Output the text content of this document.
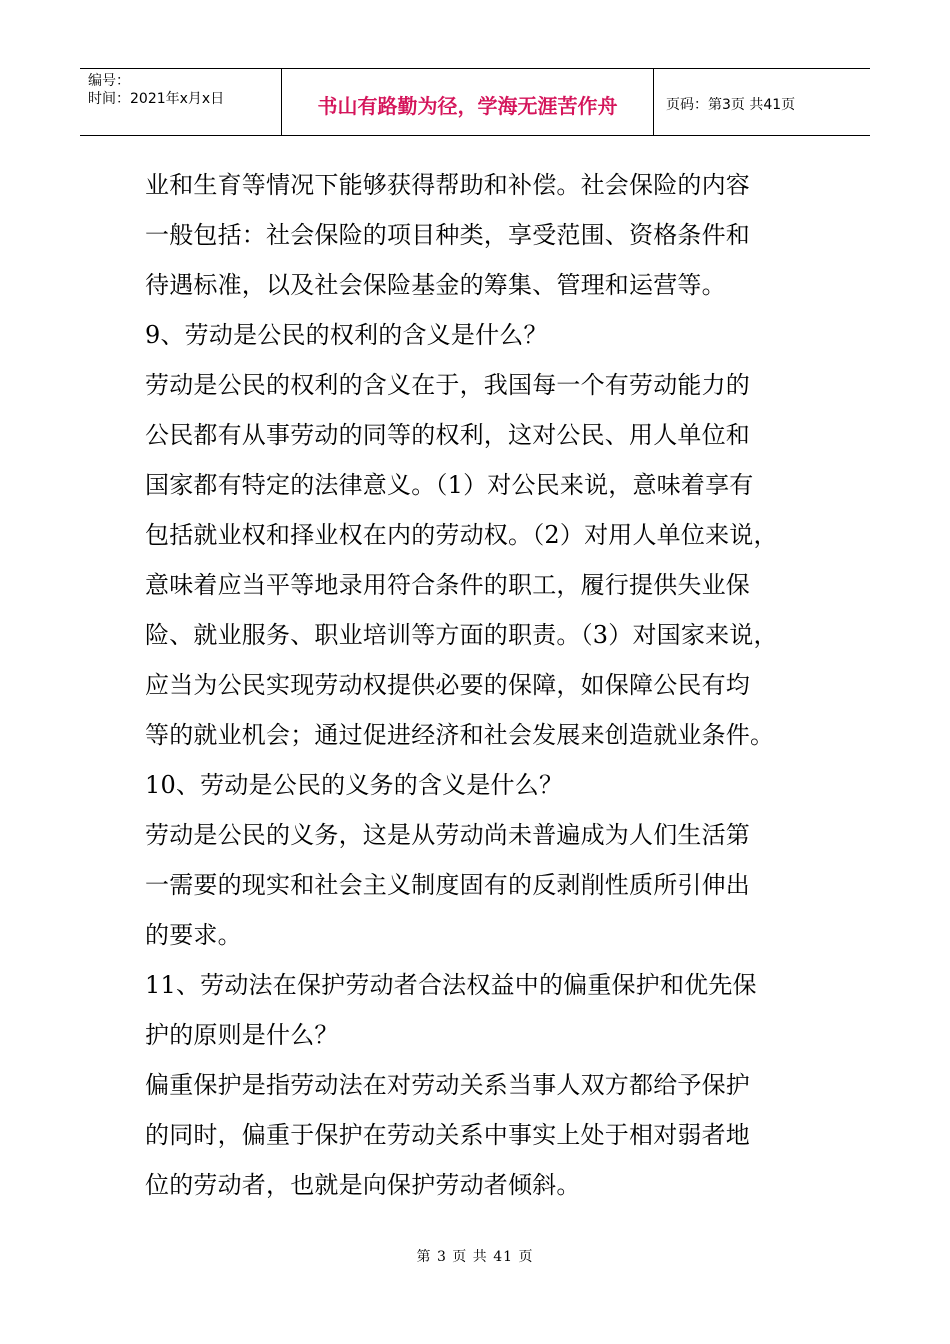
编号：
时间：2021年x月x日	书山有路勤为径，学海无涯苦作舟	页码：第3页 共41页

业和生育等情况下能够获得帮助和补偿。社会保险的内容

一般包括：社会保险的项目种类，享受范围、资格条件和

待遇标准，以及社会保险基金的筹集、管理和运营等。

9、劳动是公民的权利的含义是什么？

劳动是公民的权利的含义在于，我国每一个有劳动能力的

公民都有从事劳动的同等的权利，这对公民、用人单位和

国家都有特定的法律意义。（1）对公民来说，意味着享有

包括就业权和择业权在内的劳动权。（2）对用人单位来说，

意味着应当平等地录用符合条件的职工，履行提供失业保

险、就业服务、职业培训等方面的职责。（3）对国家来说，

应当为公民实现劳动权提供必要的保障，如保障公民有均

等的就业机会；通过促进经济和社会发展来创造就业条件。

10、劳动是公民的义务的含义是什么？

劳动是公民的义务，这是从劳动尚未普遍成为人们生活第

一需要的现实和社会主义制度固有的反剥削性质所引伸出

的要求。

11、劳动法在保护劳动者合法权益中的偏重保护和优先保

护的原则是什么？

偏重保护是指劳动法在对劳动关系当事人双方都给予保护

的同时，偏重于保护在劳动关系中事实上处于相对弱者地

位的劳动者，也就是向保护劳动者倾斜。

第 3 页 共 41 页
